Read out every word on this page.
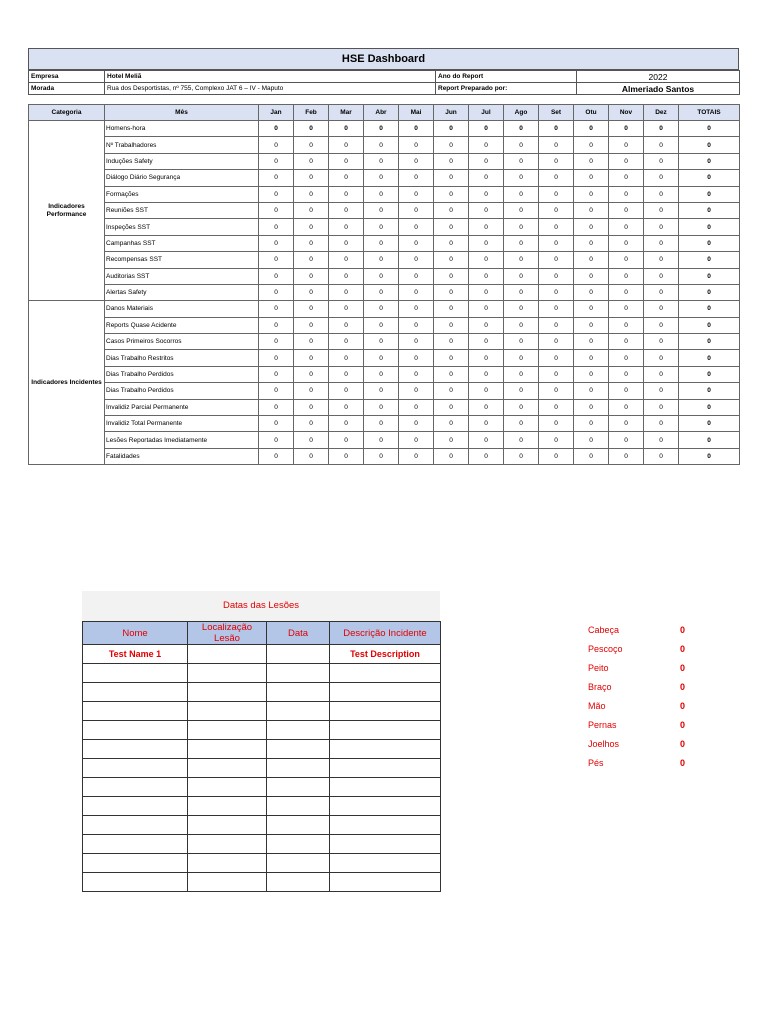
HSE Dashboard
Empresa	Hotel Meliã	Ano do Report	2022
Morada	Rua dos Desportistas, nº 755, Complexo JAT 6 – IV - Maputo	Report Preparado por:	Almeriado Santos
Categoria	Mês	Jan	Feb	Mar	Abr	Mai	Jun	Jul	Ago	Set	Otu	Nov	Dez	TOTAIS
Indicadores Performance	Homens-hora	0	0	0	0	0	0	0	0	0	0	0	0	0
	Nº Trabalhadores	0	0	0	0	0	0	0	0	0	0	0	0	0
	Induções Safety	0	0	0	0	0	0	0	0	0	0	0	0	0
	Diálogo Diário Segurança	0	0	0	0	0	0	0	0	0	0	0	0	0
	Formações	0	0	0	0	0	0	0	0	0	0	0	0	0
	Reuniões SST	0	0	0	0	0	0	0	0	0	0	0	0	0
	Inspeções SST	0	0	0	0	0	0	0	0	0	0	0	0	0
	Campanhas SST	0	0	0	0	0	0	0	0	0	0	0	0	0
	Recompensas SST	0	0	0	0	0	0	0	0	0	0	0	0	0
	Auditorias SST	0	0	0	0	0	0	0	0	0	0	0	0	0
	Alertas Safety	0	0	0	0	0	0	0	0	0	0	0	0	0
Indicadores Incidentes	Danos Materiais	0	0	0	0	0	0	0	0	0	0	0	0	0
	Reports Quase Acidente	0	0	0	0	0	0	0	0	0	0	0	0	0
	Casos Primeiros Socorros	0	0	0	0	0	0	0	0	0	0	0	0	0
	Dias Trabalho Restritos	0	0	0	0	0	0	0	0	0	0	0	0	0
	Dias Trabalho Perdidos	0	0	0	0	0	0	0	0	0	0	0	0	0
	Dias Trabalho Perdidos	0	0	0	0	0	0	0	0	0	0	0	0	0
	Invalidiz Parcial Permanente	0	0	0	0	0	0	0	0	0	0	0	0	0
	Invalidiz Total Permanente	0	0	0	0	0	0	0	0	0	0	0	0	0
	Lesões Reportadas Imediatamente	0	0	0	0	0	0	0	0	0	0	0	0	0
	Fatalidades	0	0	0	0	0	0	0	0	0	0	0	0	0
Datas das Lesões
Nome	Localização Lesão	Data	Descrição Incidente
Test Name 1			Test Description

Cabeça	0
Pescoço	0
Peito	0
Braço	0
Mão	0
Pernas	0
Joelhos	0
Pés	0
